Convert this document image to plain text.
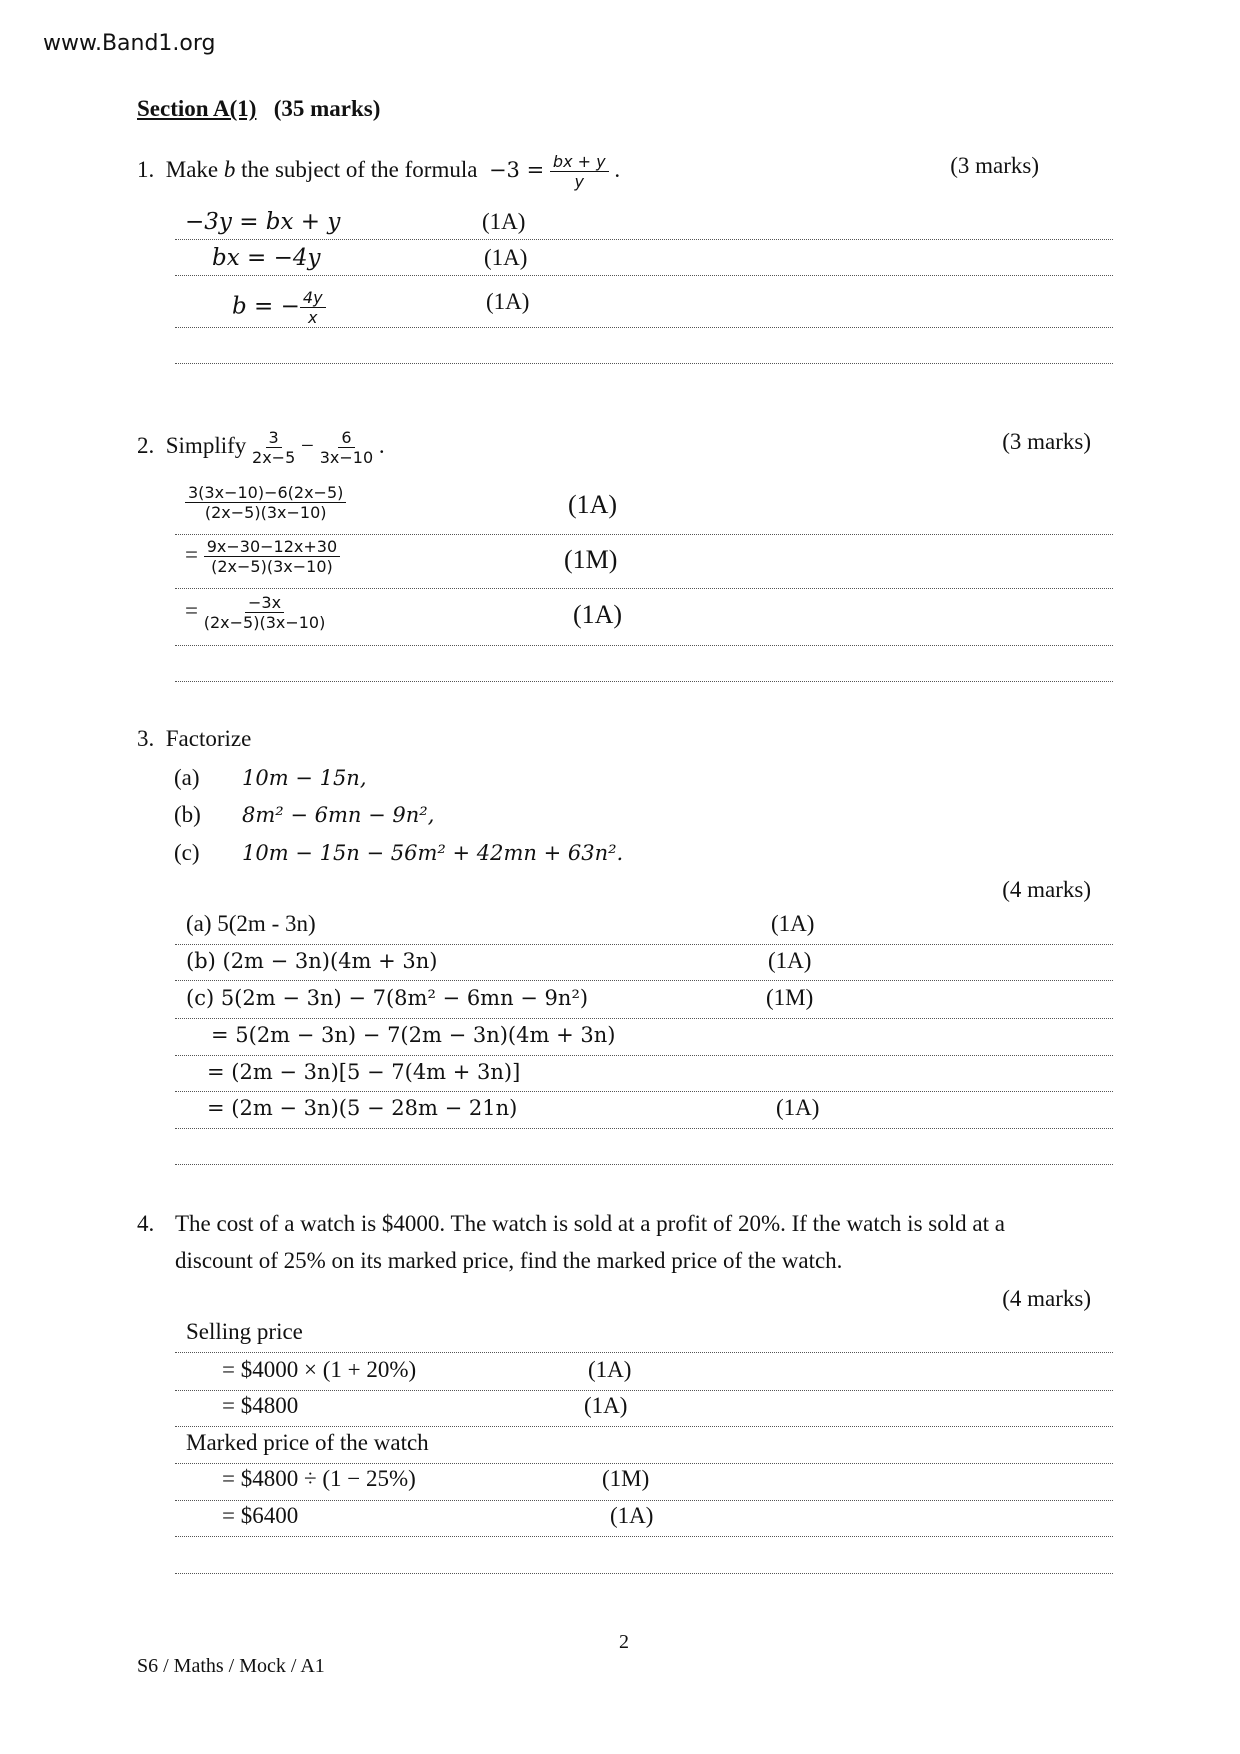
www.Band1.org
Section A(1) (35 marks)
1. Make b the subject of the formula $-3 = \frac{bx + y}{y}$ .	(3 marks)
−3y = bx + y	(1A)
bx = −4y	(1A)
b = − $\frac{4y}{x}$	(1A)
2. Simplify $\frac{3}{2x-5} - \frac{6}{3x-10}$ .	(3 marks)
$\frac{3(3x-10)-6(2x-5)}{(2x-5)(3x-10)}$	(1A)
= $\frac{9x-30-12x+30}{(2x-5)(3x-10)}$	(1M)
= $\frac{-3x}{(2x-5)(3x-10)}$	(1A)
3. Factorize
(a) 10m − 15n,
(b) 8m² − 6mn − 9n²,
(c) 10m − 15n − 56m² + 42mn + 63n².
(4 marks)
(a) 5(2m - 3n)	(1A)
(b) (2m − 3n)(4m + 3n)	(1A)
(c) 5(2m − 3n) − 7(8m² − 6mn − 9n²)	(1M)
= 5(2m − 3n) − 7(2m − 3n)(4m + 3n)
= (2m − 3n)[5 − 7(4m + 3n)]
= (2m − 3n)(5 − 28m − 21n)	(1A)
4. The cost of a watch is $4000. The watch is sold at a profit of 20%. If the watch is sold at a
discount of 25% on its marked price, find the marked price of the watch.
(4 marks)
Selling price
= $4000 × (1 + 20%)	(1A)
= $4800	(1A)
Marked price of the watch
= $4800 ÷ (1 − 25%)	(1M)
= $6400	(1A)
2
S6 / Maths / Mock / A1
